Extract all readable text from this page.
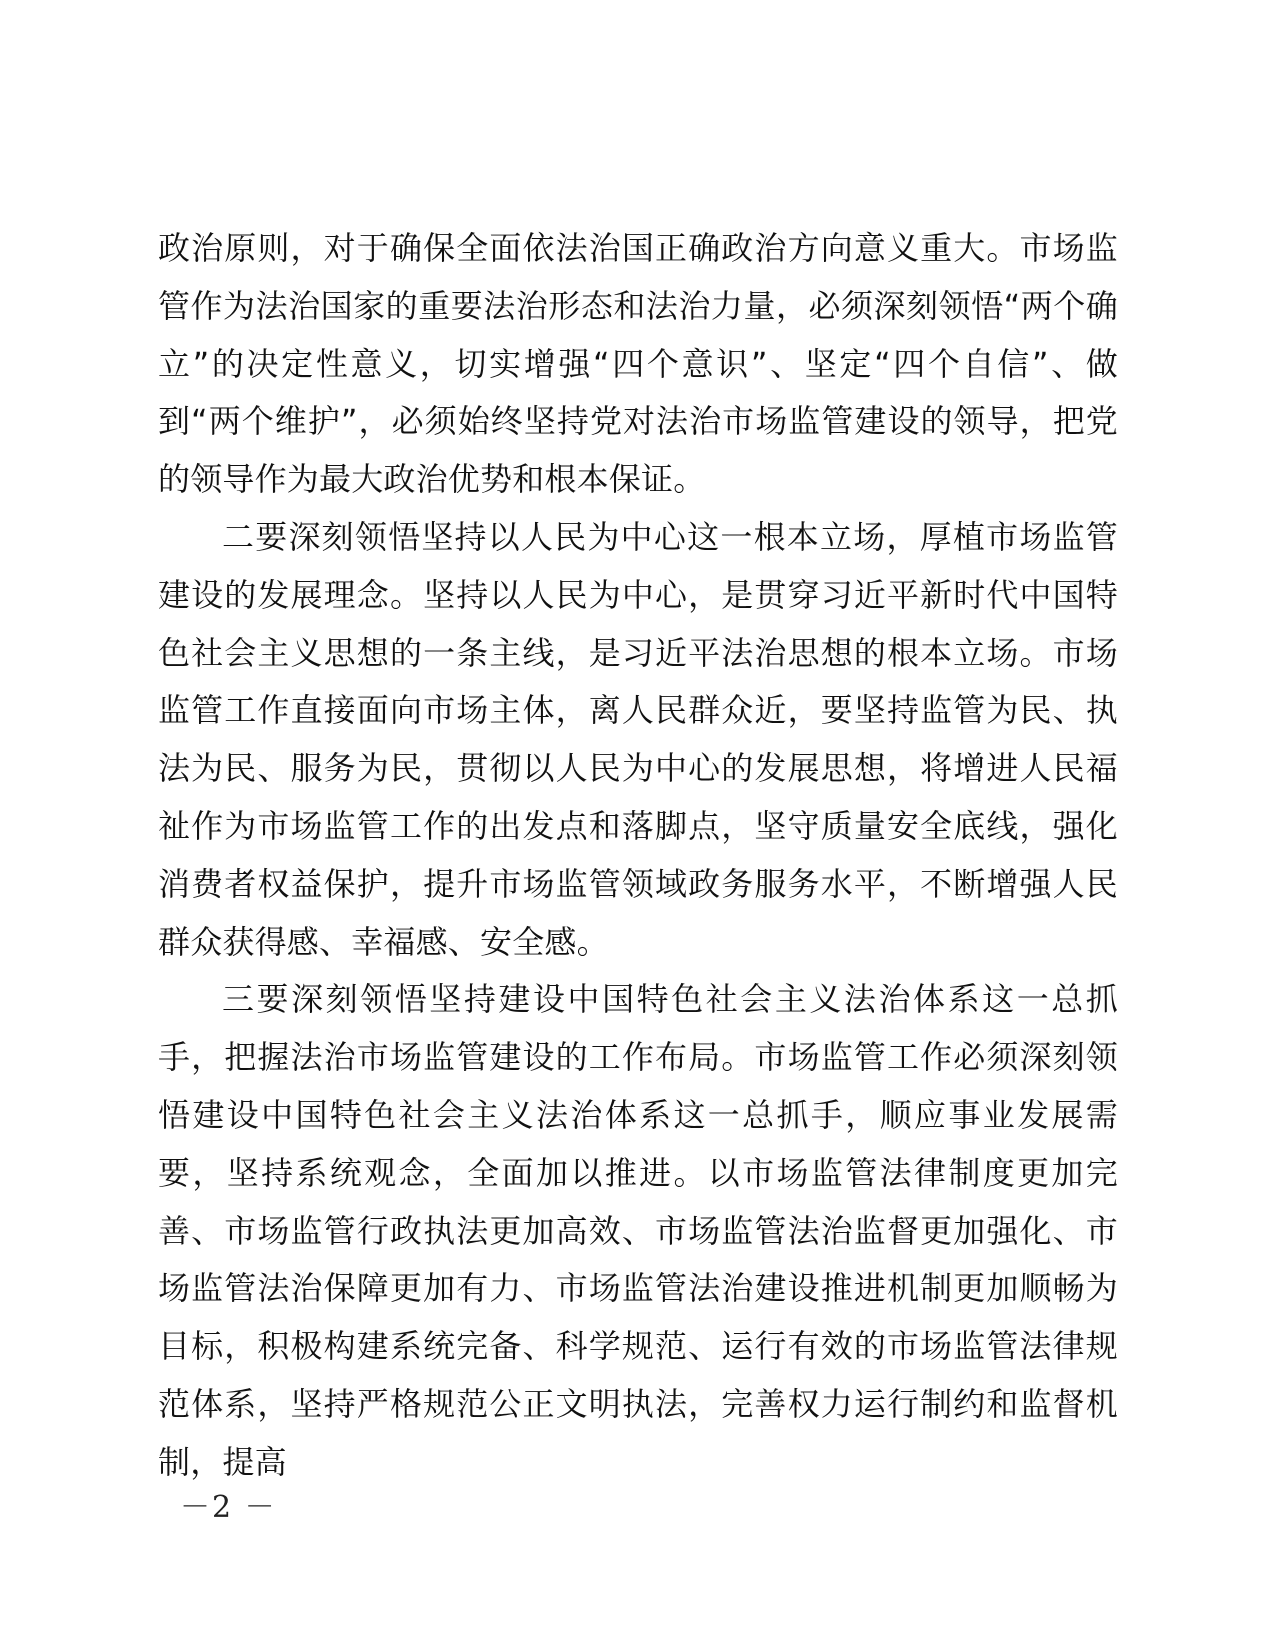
政治原则，对于确保全面依法治国正确政治方向意义重大。市场监管作为法治国家的重要法治形态和法治力量，必须深刻领悟“两个确立”的决定性意义，切实增强“四个意识”、坚定“四个自信”、做到“两个维护”，必须始终坚持党对法治市场监管建设的领导，把党的领导作为最大政治优势和根本保证。

二要深刻领悟坚持以人民为中心这一根本立场，厚植市场监管建设的发展理念。坚持以人民为中心，是贯穿习近平新时代中国特色社会主义思想的一条主线，是习近平法治思想的根本立场。市场监管工作直接面向市场主体，离人民群众近，要坚持监管为民、执法为民、服务为民，贯彻以人民为中心的发展思想，将增进人民福祉作为市场监管工作的出发点和落脚点，坚守质量安全底线，强化消费者权益保护，提升市场监管领域政务服务水平，不断增强人民群众获得感、幸福感、安全感。

三要深刻领悟坚持建设中国特色社会主义法治体系这一总抓手，把握法治市场监管建设的工作布局。市场监管工作必须深刻领悟建设中国特色社会主义法治体系这一总抓手，顺应事业发展需要，坚持系统观念，全面加以推进。以市场监管法律制度更加完善、市场监管行政执法更加高效、市场监管法治监督更加强化、市场监管法治保障更加有力、市场监管法治建设推进机制更加顺畅为目标，积极构建系统完备、科学规范、运行有效的市场监管法律规范体系，坚持严格规范公正文明执法，完善权力运行制约和监督机制，提高

－2 －
